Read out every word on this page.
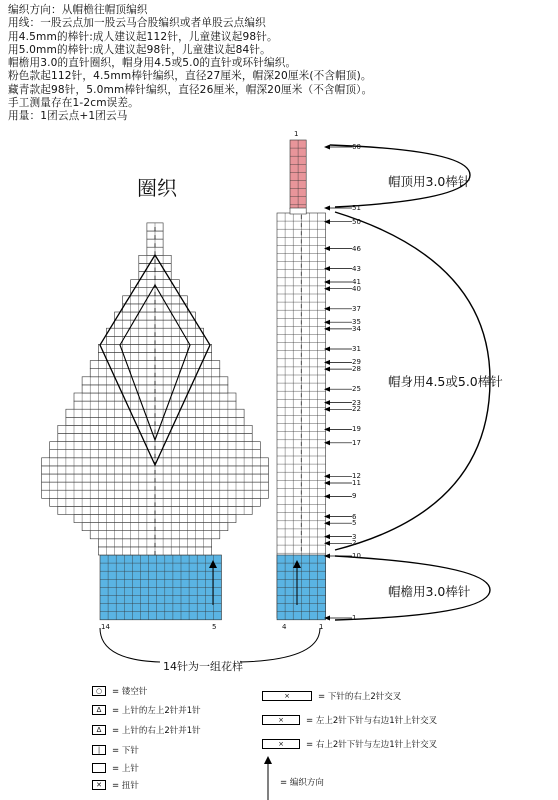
编织方向：从帽檐往帽顶编织
用线：一股云点加一股云马合股编织或者单股云点编织
用4.5mm的棒针:成人建议起112针，儿童建议起98针。
用5.0mm的棒针:成人建议起98针，儿童建议起84针。
帽檐用3.0的直针圈织，帽身用4.5或5.0的直针或环针编织。
粉色款起112针，4.5mm棒针编织，直径27厘米，帽深20厘米(不含帽顶)。
藏青款起98针，5.0mm棒针编织，直径26厘米，帽深20厘米（不含帽顶）。
手工测量存在1-2cm误差。
用量：1团云点+1团云马
圈织	帽顶用3.0棒针
帽身用4.5或5.0棒针
帽檐用3.0棒针
14针为一组花样
14	5	4	1
1
60
51
50
46
43
41
40
37
35
34
31
29
28
25
23
22
19
17
12
11
9
6
5
3
2
10
1
○	= 镂空针
∆	= 上针的左上2针并1针
∆	= 上针的右上2针并1针
|	= 下针
= 上针
✕	= 扭针
⨯	= 下针的右上2针交叉
⨯	= 左上2针下针与右边1针上针交叉
⨯	= 右上2针下针与左边1针上针交叉
= 编织方向
